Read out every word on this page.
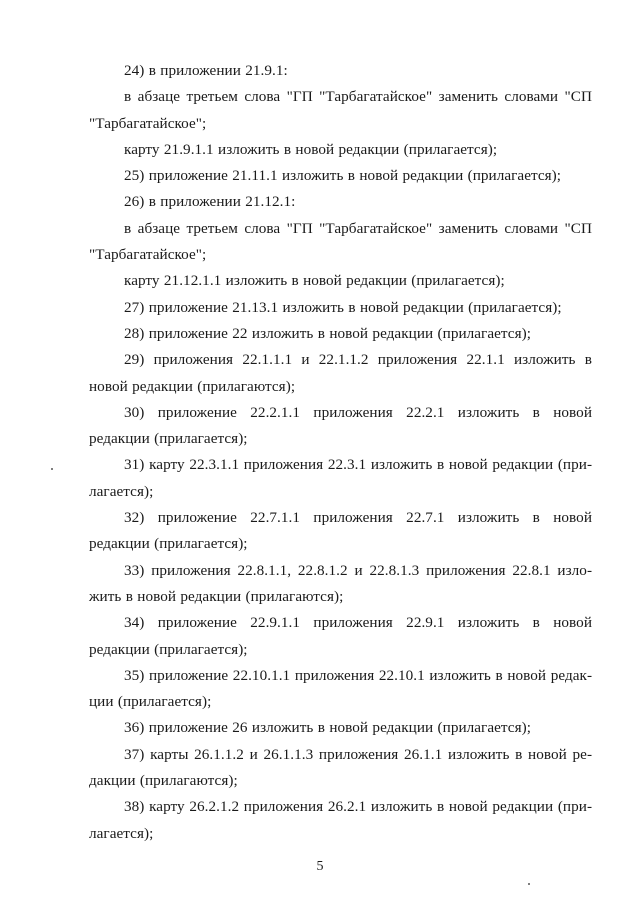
24) в приложении 21.9.1:

в абзаце третьем слова "ГП "Тарбагатайское" заменить словами "СП "Тарбагатайское";

карту 21.9.1.1 изложить в новой редакции (прилагается);

25) приложение 21.11.1 изложить в новой редакции (прилагается);

26) в приложении 21.12.1:

в абзаце третьем слова "ГП "Тарбагатайское" заменить словами "СП "Тарбагатайское";

карту 21.12.1.1 изложить в новой редакции (прилагается);

27) приложение 21.13.1 изложить в новой редакции (прилагается);

28) приложение 22 изложить в новой редакции (прилагается);

29) приложения 22.1.1.1 и 22.1.1.2 приложения 22.1.1 изложить в новой редакции (прилагаются);

30) приложение 22.2.1.1 приложения 22.2.1 изложить в новой редакции (прилагается);

31) карту 22.3.1.1 приложения 22.3.1 изложить в новой редакции (прилагается);

32) приложение 22.7.1.1 приложения 22.7.1 изложить в новой редакции (прилагается);

33) приложения 22.8.1.1, 22.8.1.2 и 22.8.1.3 приложения 22.8.1 изложить в новой редакции (прилагаются);

34) приложение 22.9.1.1 приложения 22.9.1 изложить в новой редакции (прилагается);

35) приложение 22.10.1.1 приложения 22.10.1 изложить в новой редакции (прилагается);

36) приложение 26 изложить в новой редакции (прилагается);

37) карты 26.1.1.2 и 26.1.1.3 приложения 26.1.1 изложить в новой редакции (прилагаются);

38) карту 26.2.1.2 приложения 26.2.1 изложить в новой редакции (прилагается);

5
